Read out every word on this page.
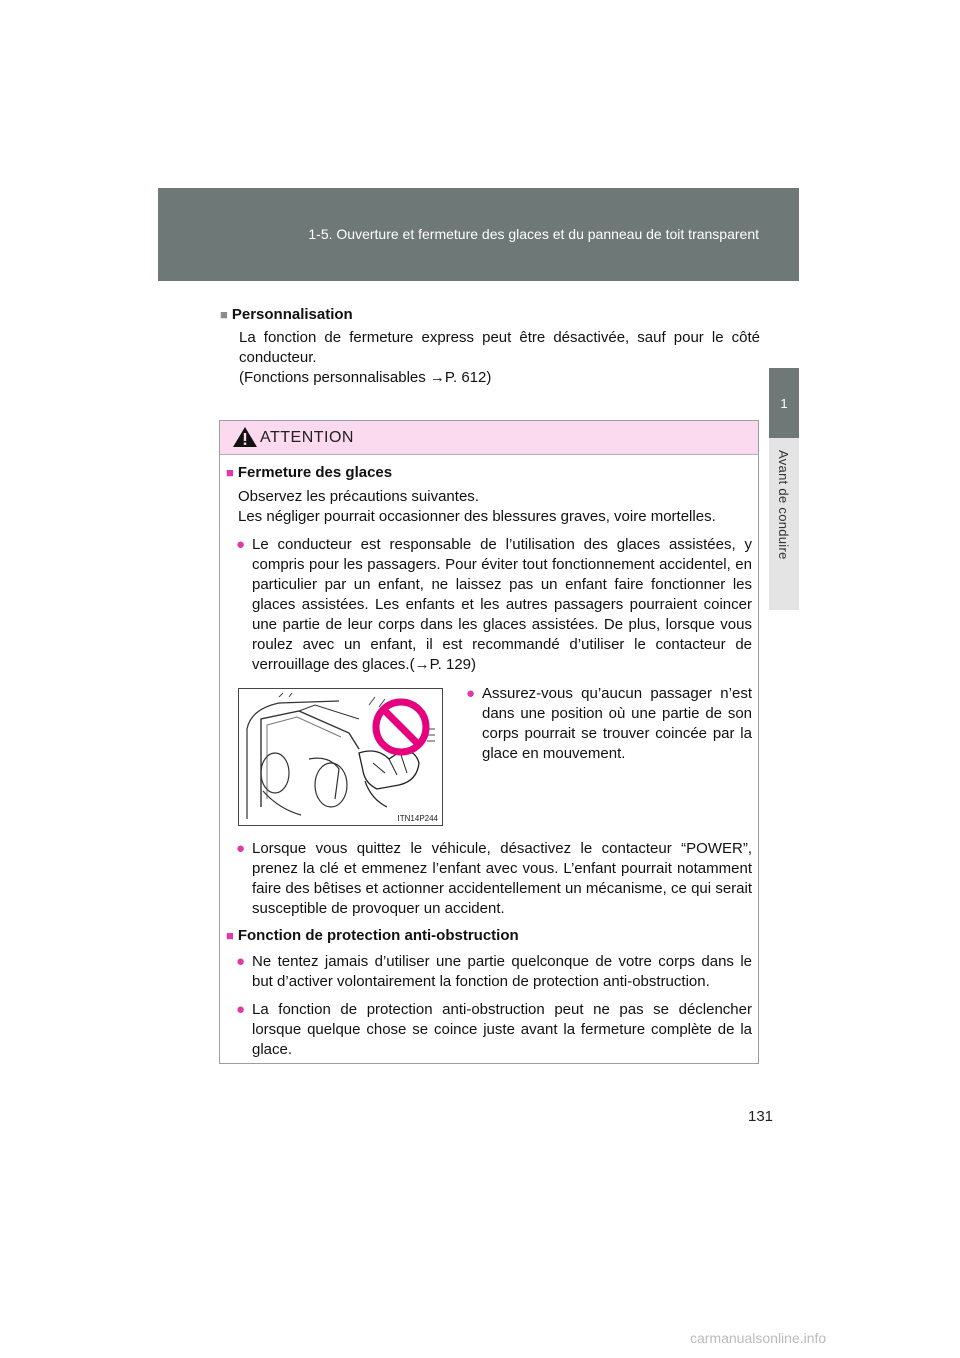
1-5. Ouverture et fermeture des glaces et du panneau de toit transparent
1
Avant de conduire
■ Personnalisation
La fonction de fermeture express peut être désactivée, sauf pour le côté conducteur.
(Fonctions personnalisables →P. 612)
ATTENTION
■ Fermeture des glaces
Observez les précautions suivantes.
Les négliger pourrait occasionner des blessures graves, voire mortelles.
● Le conducteur est responsable de l’utilisation des glaces assistées, y compris pour les passagers. Pour éviter tout fonctionnement accidentel, en particulier par un enfant, ne laissez pas un enfant faire fonctionner les glaces assistées. Les enfants et les autres passagers pourraient coincer une partie de leur corps dans les glaces assistées. De plus, lorsque vous roulez avec un enfant, il est recommandé d’utiliser le contacteur de verrouillage des glaces.(→P. 129)
● Lorsque vous quittez le véhicule, désactivez le contacteur “POWER”, prenez la clé et emmenez l’enfant avec vous. L’enfant pourrait notamment faire des bêtises et actionner accidentellement un mécanisme, ce qui serait susceptible de provoquer un accident.
■ Fonction de protection anti-obstruction
● Ne tentez jamais d’utiliser une partie quelconque de votre corps dans le but d’activer volontairement la fonction de protection anti-obstruction.
● La fonction de protection anti-obstruction peut ne pas se déclencher lorsque quelque chose se coince juste avant la fermeture complète de la glace.
ITN14P244
● Assurez-vous qu’aucun passager n’est dans une position où une partie de son corps pourrait se trouver coincée par la glace en mouvement.
131
carmanualsonline.info
